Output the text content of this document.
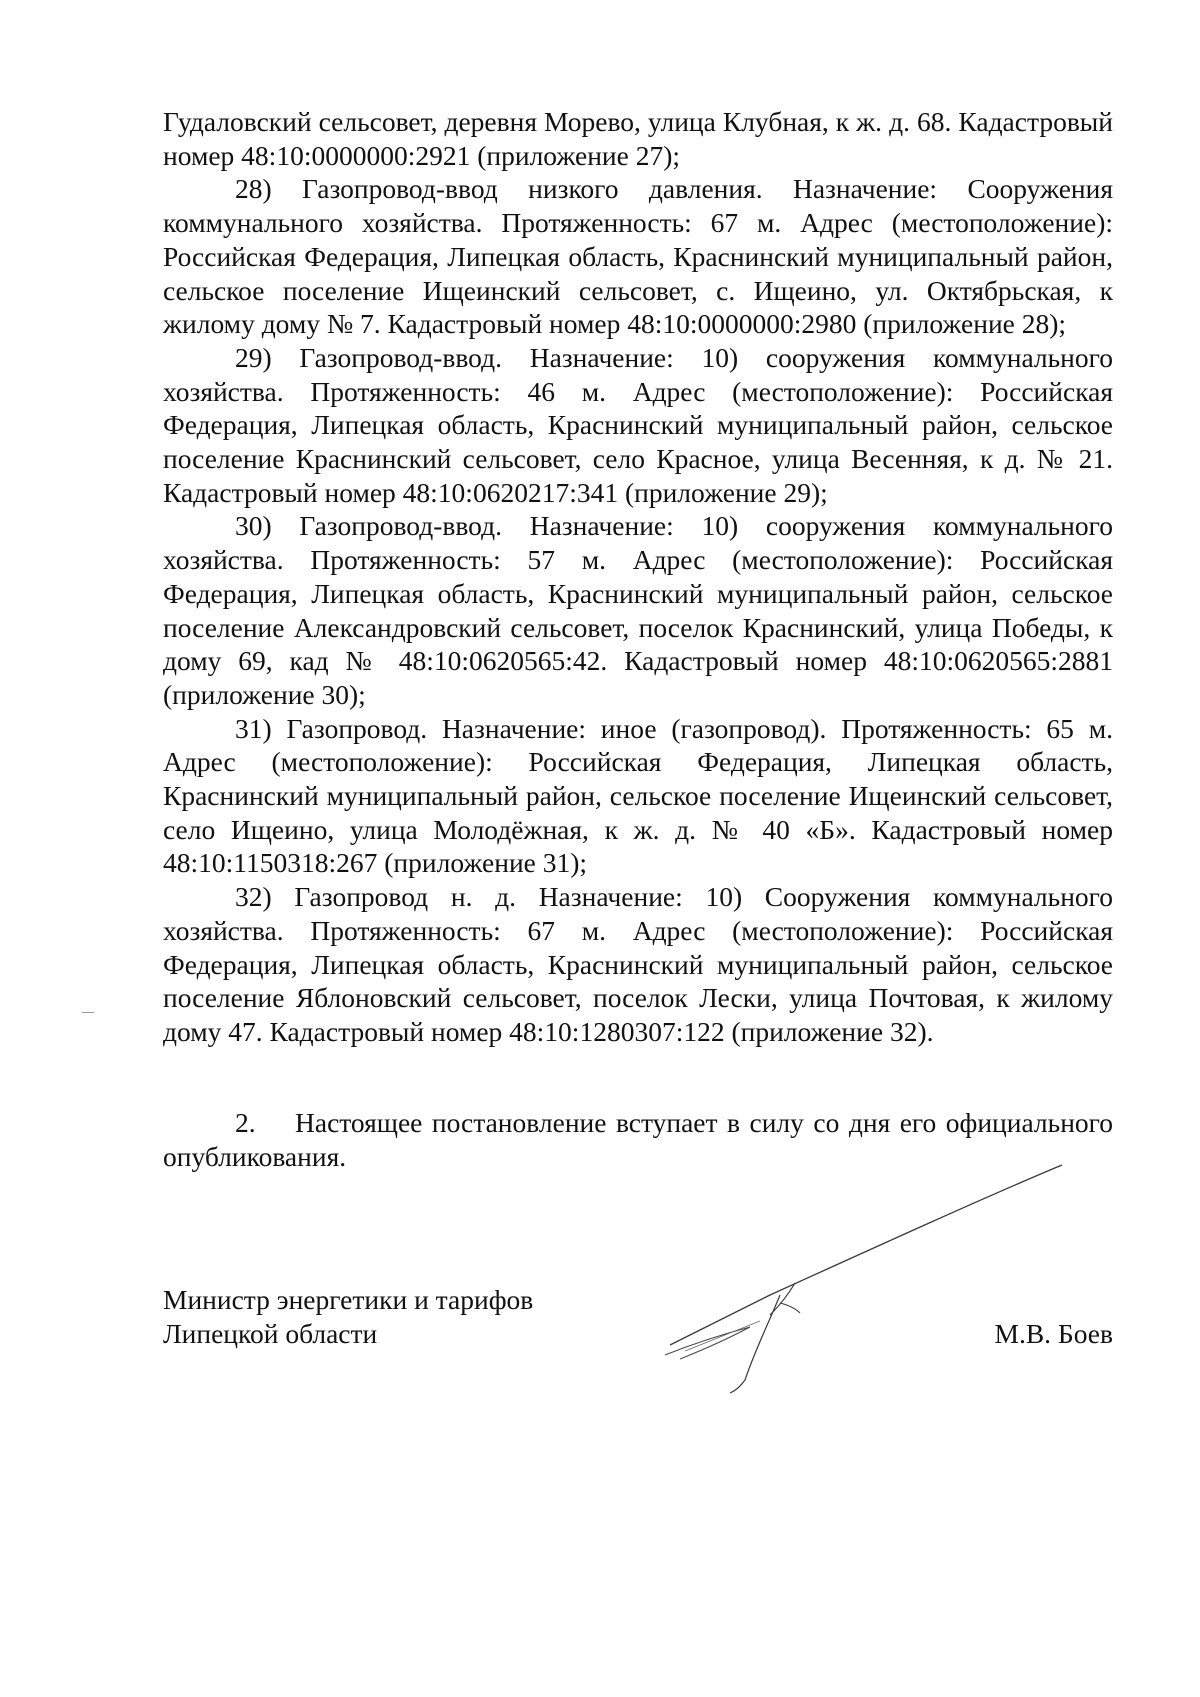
Гудаловский сельсовет, деревня Морево, улица Клубная, к ж. д. 68. Кадастровый номер 48:10:0000000:2921 (приложение 27);

28) Газопровод-ввод низкого давления. Назначение: Сооружения коммунального хозяйства. Протяженность: 67 м. Адрес (местоположение): Российская Федерация, Липецкая область, Краснинский муниципальный район, сельское поселение Ищеинский сельсовет, с. Ищеино, ул. Октябрьская, к жилому дому № 7. Кадастровый номер 48:10:0000000:2980 (приложение 28);

29) Газопровод-ввод. Назначение: 10) сооружения коммунального хозяйства. Протяженность: 46 м. Адрес (местоположение): Российская Федерация, Липецкая область, Краснинский муниципальный район, сельское поселение Краснинский сельсовет, село Красное, улица Весенняя, к д. № 21. Кадастровый номер 48:10:0620217:341 (приложение 29);

30) Газопровод-ввод. Назначение: 10) сооружения коммунального хозяйства. Протяженность: 57 м. Адрес (местоположение): Российская Федерация, Липецкая область, Краснинский муниципальный район, сельское поселение Александровский сельсовет, поселок Краснинский, улица Победы, к дому 69, кад № 48:10:0620565:42. Кадастровый номер 48:10:0620565:2881 (приложение 30);

31) Газопровод. Назначение: иное (газопровод). Протяженность: 65 м. Адрес (местоположение): Российская Федерация, Липецкая область, Краснинский муниципальный район, сельское поселение Ищеинский сельсовет, село Ищеино, улица Молодёжная, к ж. д. № 40 «Б». Кадастровый номер 48:10:1150318:267 (приложение 31);

32) Газопровод н. д. Назначение: 10) Сооружения коммунального хозяйства. Протяженность: 67 м. Адрес (местоположение): Российская Федерация, Липецкая область, Краснинский муниципальный район, сельское поселение Яблоновский сельсовет, поселок Лески, улица Почтовая, к жилому дому 47. Кадастровый номер 48:10:1280307:122 (приложение 32).

2. Настоящее постановление вступает в силу со дня его официального опубликования.
Министр энергетики и тарифов
Липецкой области	М.В. Боев
